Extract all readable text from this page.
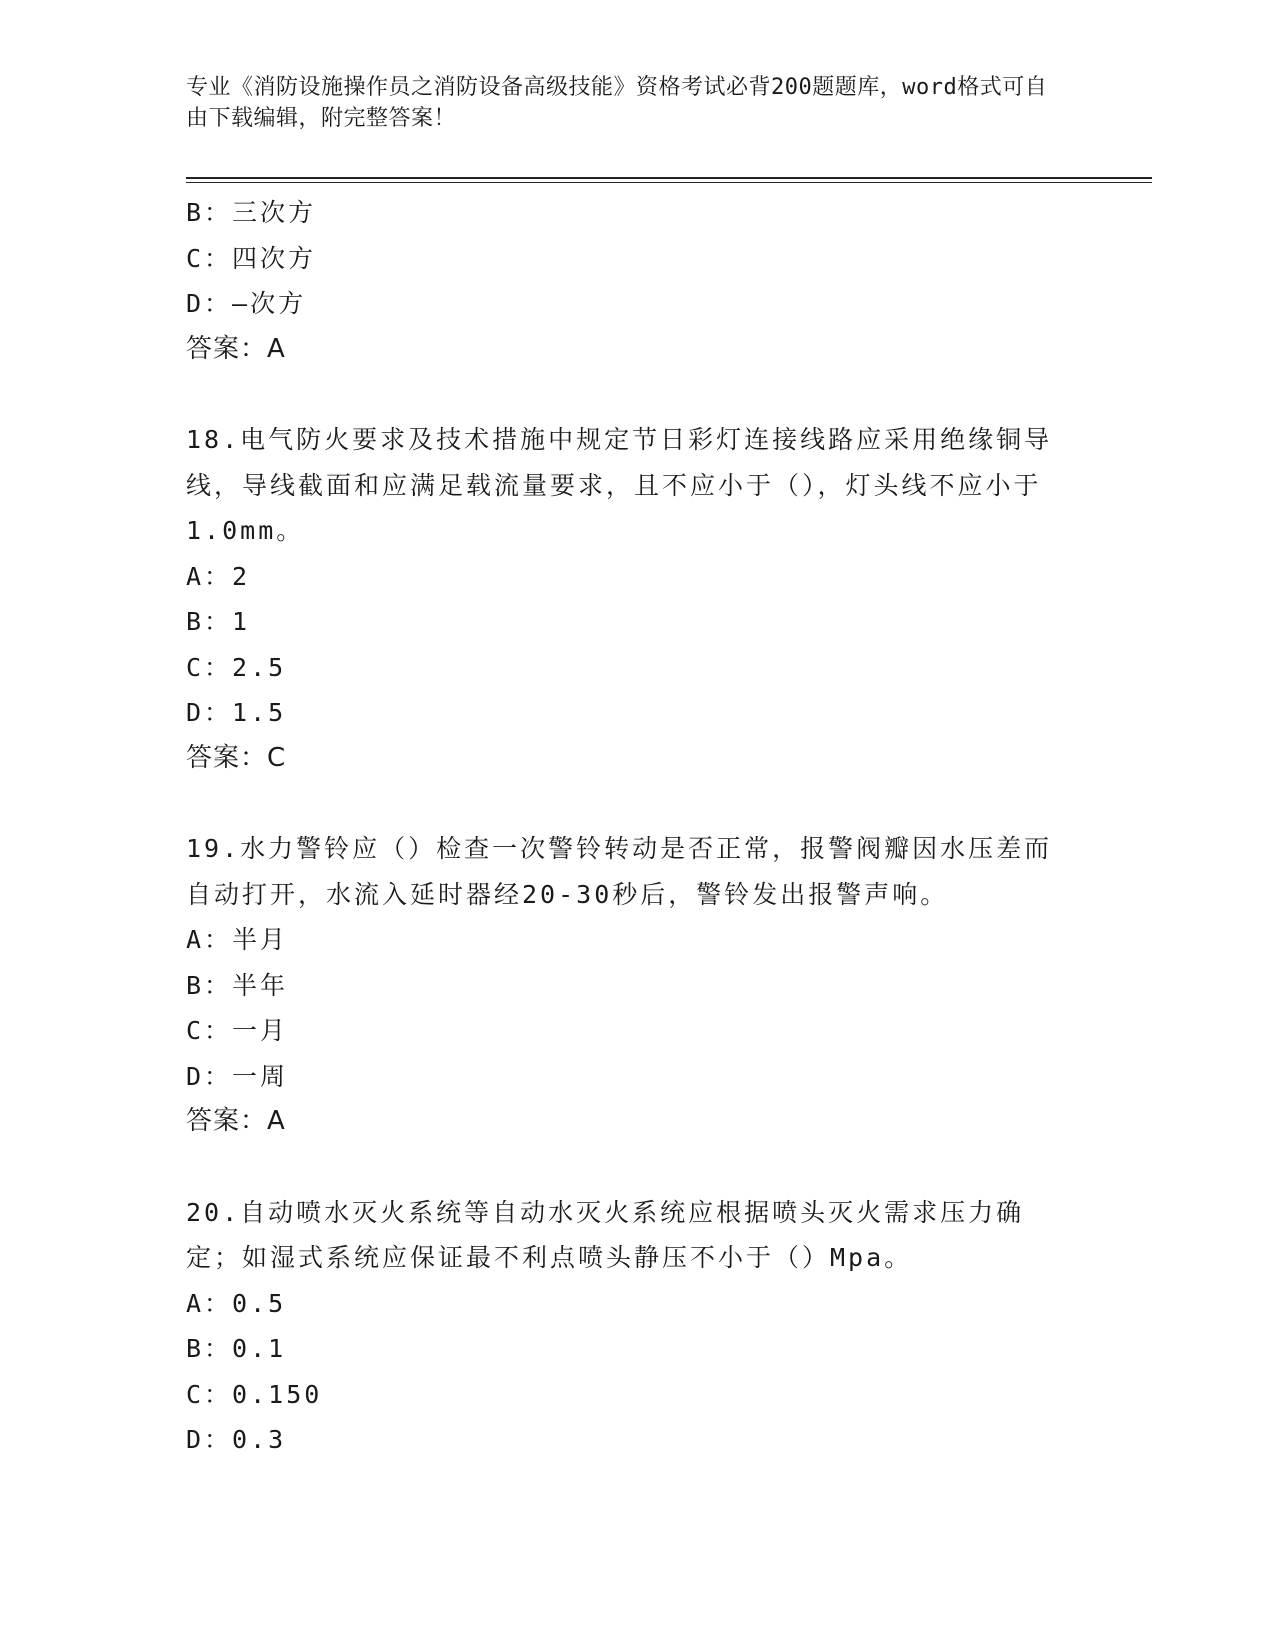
专业《消防设施操作员之消防设备高级技能》资格考试必背200题题库，word格式可自由下载编辑，附完整答案！
B：三次方
C：四次方
D：—次方
答案：A
18.电气防火要求及技术措施中规定节日彩灯连接线路应采用绝缘铜导线，导线截面和应满足载流量要求，且不应小于（），灯头线不应小于1.0mm。
A：2
B：1
C：2.5
D：1.5
答案：C
19.水力警铃应（）检查一次警铃转动是否正常，报警阀瓣因水压差而自动打开，水流入延时器经20-30秒后，警铃发出报警声响。
A：半月
B：半年
C：一月
D：一周
答案：A
20.自动喷水灭火系统等自动水灭火系统应根据喷头灭火需求压力确定；如湿式系统应保证最不利点喷头静压不小于（）Mpa。
A：0.5
B：0.1
C：0.150
D：0.3
